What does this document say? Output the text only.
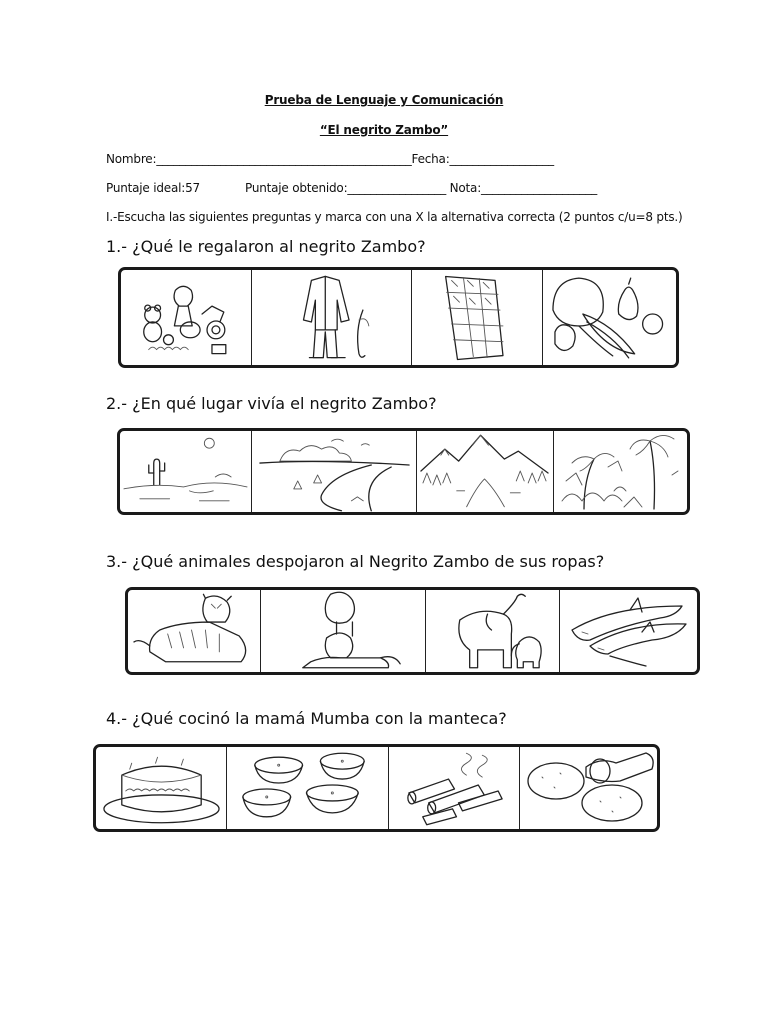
Prueba de Lenguaje y Comunicación
“El negrito Zambo”
Nombre:____________________________________________Fecha:__________________
Puntaje ideal:57	Puntaje obtenido:_________________ Nota:____________________
I.-Escucha las siguientes preguntas y marca con una X la alternativa correcta (2 puntos c/u=8 pts.)
1.- ¿Qué le regalaron al negrito Zambo?
2.- ¿En qué lugar vivía el negrito Zambo?
3.- ¿Qué animales despojaron al Negrito Zambo de sus ropas?
4.- ¿Qué cocinó la mamá Mumba con la manteca?
